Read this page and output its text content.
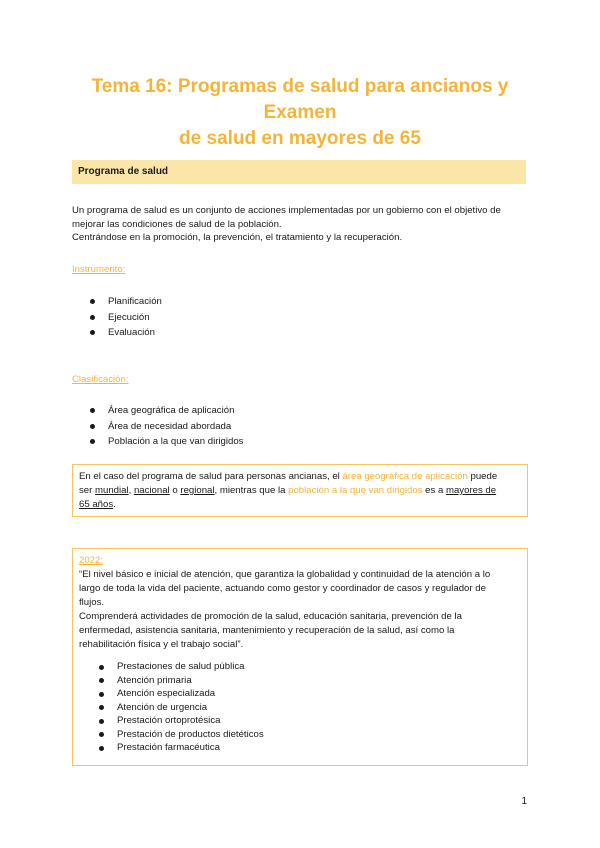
Tema 16: Programas de salud para ancianos y Examen
de salud en mayores de 65
Programa de salud

Un programa de salud es un conjunto de acciones implementadas por un gobierno con el objetivo de
mejorar las condiciones de salud de la población.
Centrándose en la promoción, la prevención, el tratamiento y la recuperación.

Instrumento:

Planificación
Ejecución
Evaluación

Clasificación:

Área geográfica de aplicación
Área de necesidad abordada
Población a la que van dirigidos
En el caso del programa de salud para personas ancianas, el área geográfica de aplicación puede
ser mundial, nacional o regional, mientras que la población a la que van dirigidos es a mayores de
65 años.
2022:
“El nivel básico e inicial de atención, que garantiza la globalidad y continuidad de la atención a lo
largo de toda la vida del paciente, actuando como gestor y coordinador de casos y regulador de
flujos.
Comprenderá actividades de promoción de la salud, educación sanitaria, prevención de la
enfermedad, asistencia sanitaria, mantenimiento y recuperación de la salud, así como la
rehabilitación física y el trabajo social”.
Prestaciones de salud pública
Atención primaria
Atención especializada
Atención de urgencia
Prestación ortoprotésica
Prestación de productos dietéticos
Prestación farmacéutica

1
